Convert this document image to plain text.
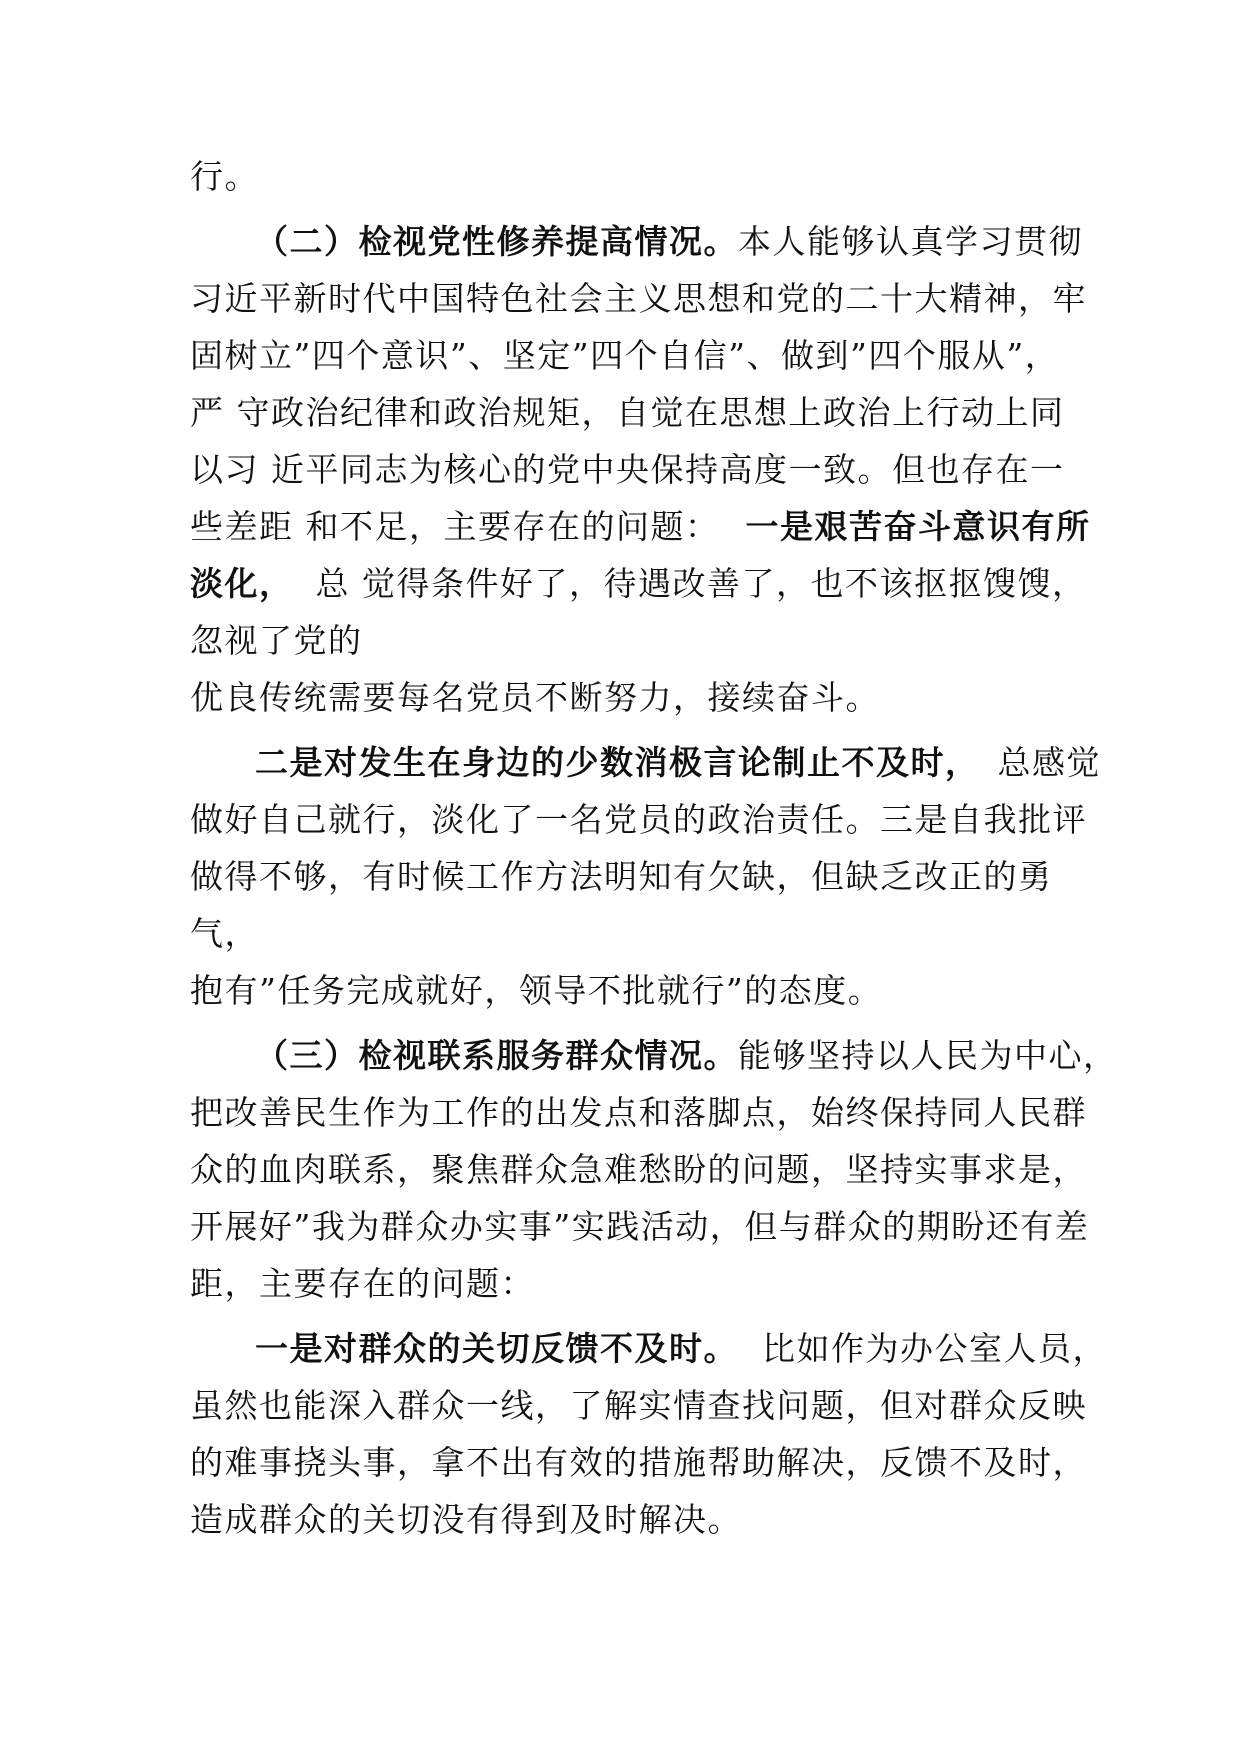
行。
（二）检视党性修养提高情况。本人能够认真学习贯彻
习近平新时代中国特色社会主义思想和党的二十大精神，牢
固树立”四个意识”、坚定”四个自信”、做到”四个服从”，
严 守政治纪律和政治规矩，自觉在思想上政治上行动上同
以习 近平同志为核心的党中央保持高度一致。但也存在一
些差距 和不足，主要存在的问题： 一是艰苦奋斗意识有所
淡化， 总 觉得条件好了，待遇改善了，也不该抠抠馊馊，
忽视了党的
优良传统需要每名党员不断努力，接续奋斗。
二是对发生在身边的少数消极言论制止不及时， 总感觉
做好自己就行，淡化了一名党员的政治责任。三是自我批评
做得不够，有时候工作方法明知有欠缺，但缺乏改正的勇
气，
抱有”任务完成就好，领导不批就行”的态度。
（三）检视联系服务群众情况。能够坚持以人民为中心，
把改善民生作为工作的出发点和落脚点，始终保持同人民群
众的血肉联系，聚焦群众急难愁盼的问题，坚持实事求是，
开展好”我为群众办实事”实践活动，但与群众的期盼还有差
距，主要存在的问题：
一是对群众的关切反馈不及时。 比如作为办公室人员，
虽然也能深入群众一线，了解实情查找问题，但对群众反映
的难事挠头事，拿不出有效的措施帮助解决，反馈不及时，
造成群众的关切没有得到及时解决。
